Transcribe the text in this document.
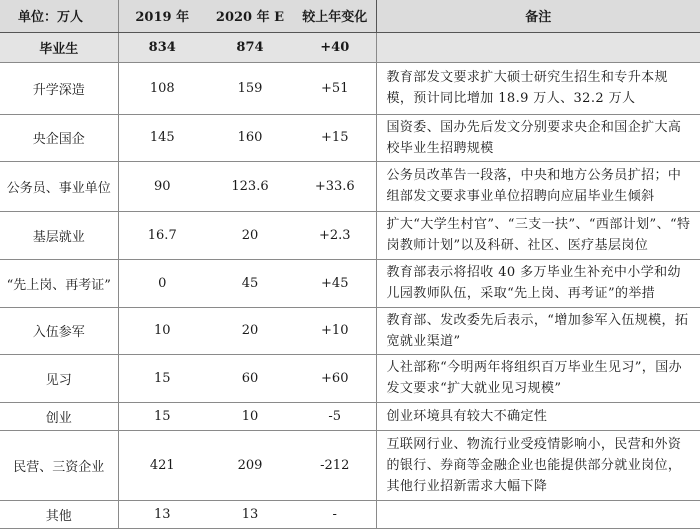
单位：万人	2019 年	2020 年 E	较上年变化	备注
毕业生	834	874	+40	
升学深造	108	159	+51	教育部发文要求扩大硕士研究生招生和专升本规模，预计同比增加 18.9 万人、32.2 万人
央企国企	145	160	+15	国资委、国办先后发文分别要求央企和国企扩大高校毕业生招聘规模
公务员、事业单位	90	123.6	+33.6	公务员改革告一段落，中央和地方公务员扩招；中组部发文要求事业单位招聘向应届毕业生倾斜
基层就业	16.7	20	+2.3	扩大“大学生村官”、“三支一扶”、“西部计划”、“特岗教师计划”以及科研、社区、医疗基层岗位
“先上岗、再考证”	0	45	+45	教育部表示将招收 40 多万毕业生补充中小学和幼儿园教师队伍，采取“先上岗、再考证”的举措
入伍参军	10	20	+10	教育部、发改委先后表示，“增加参军入伍规模，拓宽就业渠道”
见习	15	60	+60	人社部称“今明两年将组织百万毕业生见习”，国办发文要求“扩大就业见习规模”
创业	15	10	-5	创业环境具有较大不确定性
民营、三资企业	421	209	-212	互联网行业、物流行业受疫情影响小，民营和外资的银行、券商等金融企业也能提供部分就业岗位，其他行业招新需求大幅下降
其他	13	13	-	
